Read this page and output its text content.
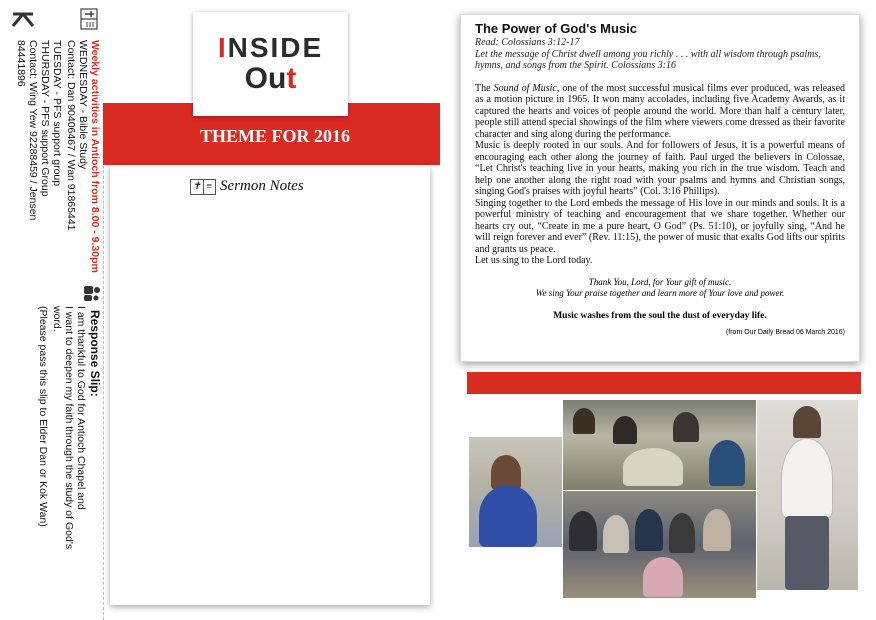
Weekly activities in Antioch from 8.00 - 9.30pm
WEDNESDAY - Bible Study
Contact: Dan 90406467 / Wan 91865441
TUESDAY - PFS support group
THURSDAY - PFS support Group
Contact: Wing Yew 92288459 / Jensen
84441896
Response Slip:
I am thankful to God for Antioch Chapel and
I want to deepen my faith through the study of God's
word.
(Please pass this slip to Elder Dan or Kok Wan)
INSIDE
Out
THEME FOR 2016
✝ ≡ Sermon Notes
The Power of God's Music

Read: Colossians 3:12-17

Let the message of Christ dwell among you richly . . . with all wisdom through psalms, hymns, and songs from the Spirit. Colossians 3:16

The Sound of Music, one of the most successful musical films ever produced, was released as a motion picture in 1965. It won many accolades, including five Academy Awards, as it captured the hearts and voices of people around the world. More than half a century later, people still attend special showings of the film where viewers come dressed as their favorite character and sing along during the performance.

Music is deeply rooted in our souls. And for followers of Jesus, it is a powerful means of encouraging each other along the journey of faith. Paul urged the believers in Colossae, “Let Christ's teaching live in your hearts, making you rich in the true wisdom. Teach and help one another along the right road with your psalms and hymns and Christian songs, singing God's praises with joyful hearts” (Col. 3:16 Phillips).

Singing together to the Lord embeds the message of His love in our minds and souls. It is a powerful ministry of teaching and encouragement that we share together. Whether our hearts cry out, “Create in me a pure heart, O God” (Ps. 51:10), or joyfully sing, “And he will reign forever and ever” (Rev. 11:15), the power of music that exalts God lifts our spirits and grants us peace.

Let us sing to the Lord today.

Thank You, Lord, for Your gift of music.
We sing Your praise together and learn more of Your love and power.
Music washes from the soul the dust of everyday life.
(from Our Daily Bread 06 March 2016)
